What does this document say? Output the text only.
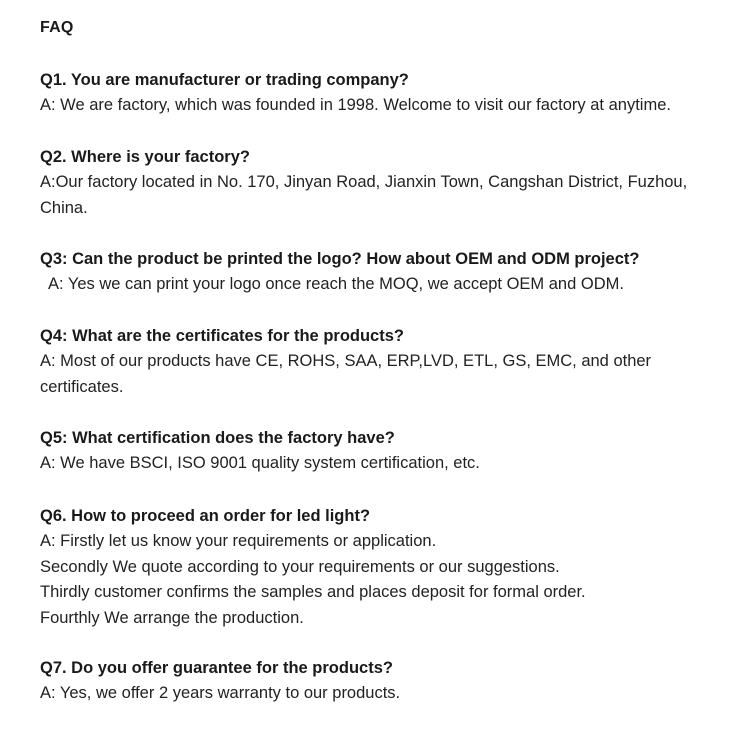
FAQ

Q1. You are manufacturer or trading company?

A: We are factory, which was founded in 1998. Welcome to visit our factory at anytime.

Q2. Where is your factory?

A:Our factory located in No. 170, Jinyan Road, Jianxin Town, Cangshan District, Fuzhou,
China.

Q3: Can the product be printed the logo? How about OEM and ODM project?

A: Yes we can print your logo once reach the MOQ, we accept OEM and ODM.

Q4: What are the certificates for the products?

A: Most of our products have CE, ROHS, SAA, ERP,LVD, ETL, GS, EMC, and other
certificates.

Q5: What certification does the factory have?

A: We have BSCI, ISO 9001 quality system certification, etc.

Q6. How to proceed an order for led light?

A: Firstly let us know your requirements or application.
Secondly We quote according to your requirements or our suggestions.
Thirdly customer confirms the samples and places deposit for formal order.
Fourthly We arrange the production.

Q7. Do you offer guarantee for the products?

A: Yes, we offer 2 years warranty to our products.
